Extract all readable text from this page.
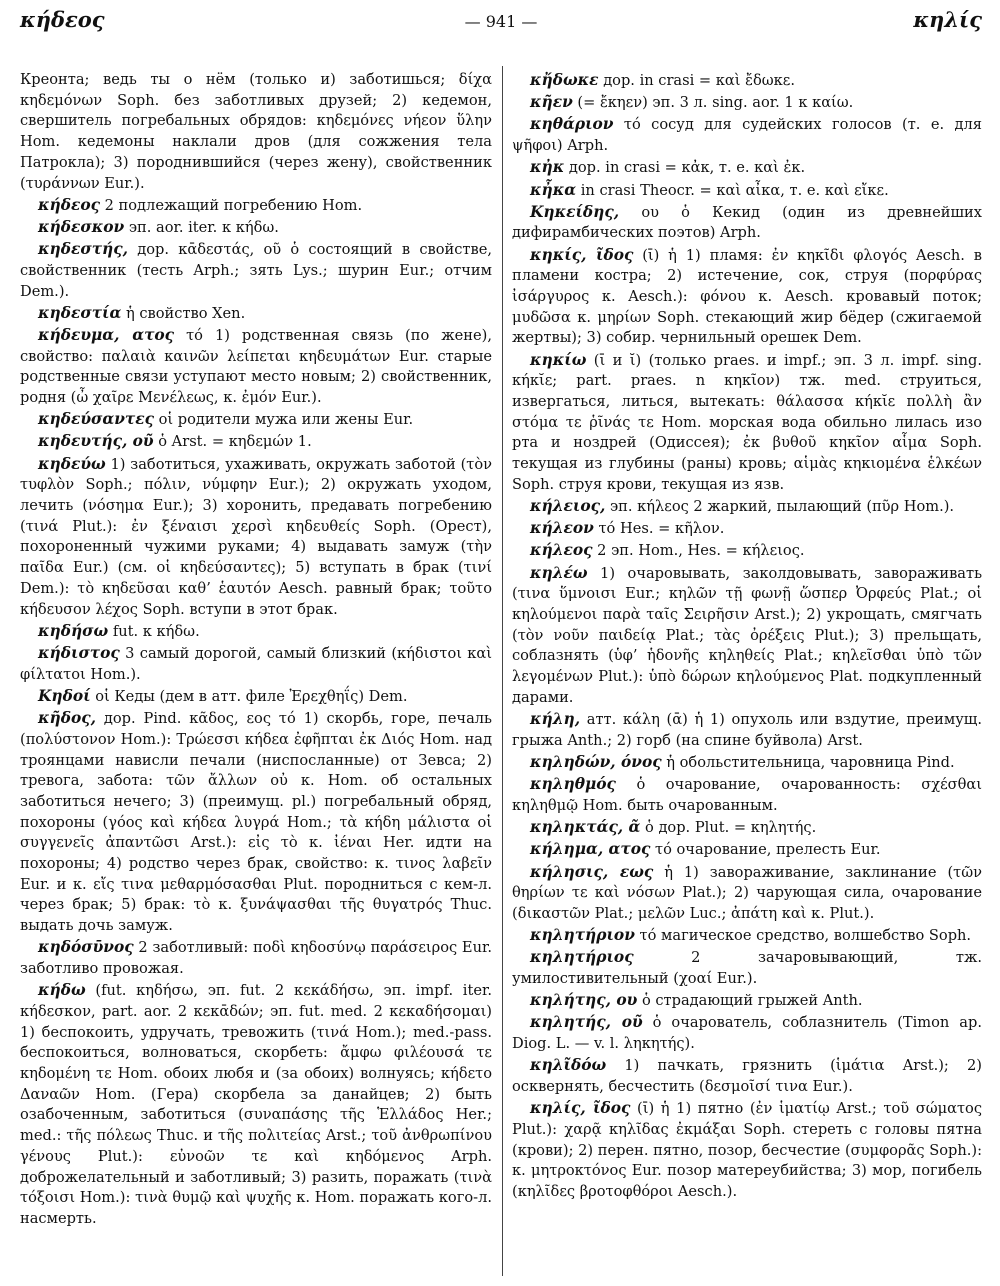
κήδεος	— 941 —	κηλίς

Креонта; ведь ты о нём (только и) заботишься; δίχα κηδεμόνων Soph. без заботливых друзей; 2) кедемон, свершитель погребальных обрядов: κηδεμόνες νήεον ὕλην Hom. кедемоны наклали дров (для сожжения тела Патрокла); 3) породнившийся (через жену), свойственник (τυράννων Eur.).

κήδεος 2 подлежащий погребению Hom.

κήδεσκον эп. aor. iter. к κήδω.

κηδεστής, дор. κᾱδεστάς, οῦ ὁ состоящий в свойстве, свойственник (тесть Arph.; зять Lys.; шурин Eur.; отчим Dem.).

κηδεστία ἡ свойство Xen.

κήδευμα, ατος τό 1) родственная связь (по жене), свойство: παλαιὰ καινῶν λείπεται κηδευμάτων Eur. старые родственные связи уступают место новым; 2) свойственник, родня (ὦ χαῖρε Μενέλεως, κ. ἐμόν Eur.).

κηδεύσαντες οἱ родители мужа или жены Eur.

κηδευτής, οῦ ὁ Arst. = κηδεμών 1.

κηδεύω 1) заботиться, ухаживать, окружать заботой (τὸν τυφλὸν Soph.; πόλιν, νύμφην Eur.); 2) окружать уходом, лечить (νόσημα Eur.); 3) хоронить, предавать погребению (τινά Plut.): ἐν ξέναισι χερσὶ κηδευθείς Soph. (Орест), похороненный чужими руками; 4) выдавать замуж (τὴν παῖδα Eur.) (см. οἱ κηδεύσαντες); 5) вступать в брак (τινί Dem.): τὸ κηδεῦσαι καθ’ ἑαυτόν Aesch. равный брак; τοῦτο κήδευσον λέχος Soph. вступи в этот брак.

κηδήσω fut. к κήδω.

κήδιστος 3 самый дорогой, самый близкий (κήδιστοι καὶ φίλτατοι Hom.).

Κηδοί οἱ Кеды (дем в атт. филе Ἐρεχθηΐς) Dem.

κῆδος, дор. Pind. κᾶδος, εος τό 1) скорбь, горе, печаль (πολύστονον Hom.): Τρώεσσι κήδεα ἐφῆπται ἐκ Διός Hom. над троянцами нависли печали (ниспосланные) от Зевса; 2) тревога, забота: τῶν ἄλλων οὐ κ. Hom. об остальных заботиться нечего; 3) (преимущ. pl.) погребальный обряд, похороны (γόος καὶ κήδεα λυγρά Hom.; τὰ κήδη μάλιστα οἱ συγγενεῖς ἀπαντῶσι Arst.): εἰς τὸ κ. ἰέναι Her. идти на похороны; 4) родство через брак, свойство: κ. τινος λαβεῖν Eur. и κ. εἴς τινα μεθαρμόσασθαι Plut. породниться с кем-л. через брак; 5) брак: τὸ κ. ξυνάψασθαι τῆς θυγατρός Thuc. выдать дочь замуж.

κηδόσῡνος 2 заботливый: ποδὶ κηδοσύνῳ παράσειρος Eur. заботливо провожая.

κήδω (fut. κηδήσω, эп. fut. 2 κεκάδήσω, эп. impf. iter. κήδεσκον, part. aor. 2 κεκᾱδών; эп. fut. med. 2 κεκαδήσομαι) 1) беспокоить, удручать, тревожить (τινά Hom.); med.-pass. беспокоиться, волноваться, скорбеть: ἄμφω φιλέουσά τε κηδομένη τε Hom. обоих любя и (за обоих) волнуясь; κήδετο Δαναῶν Hom. (Гера) скорбела за данайцев; 2) быть озабоченным, заботиться (συναπάσης τῆς Ἑλλάδος Her.; med.: τῆς πόλεως Thuc. и τῆς πολιτείας Arst.; τοῦ ἀνθρωπίνου γένους Plut.): εὐνοῶν τε καὶ κηδόμενος Arph. доброжелательный и заботливый; 3) разить, поражать (τινὰ τόξοισι Hom.): τινὰ θυμῷ καὶ ψυχῆς κ. Hom. поражать кого-л. насмерть.

κἤδωκε дор. in crasi = καὶ ἔδωκε.

κῆεν (= ἔκηεν) эп. 3 л. sing. aor. 1 к καίω.

κηθάριον τό сосуд для судейских голосов (т. е. для ψῆφοι) Arph.

κἠκ дор. in crasi = κἀκ, т. е. καὶ ἐκ.

κἦκα in crasi Theocr. = καὶ αἶκα, т. е. καὶ εἴκε.

Κηκείδης, ου ὁ Кекид (один из древнейших дифирамбических поэтов) Arph.

κηκίς, ῖδος (ῑ) ἡ 1) пламя: ἐν κηκῖδι φλογός Aesch. в пламени костра; 2) истечение, сок, струя (πορφύρας ἰσάργυρος κ. Aesch.): φόνου κ. Aesch. кровавый поток; μυδῶσα κ. μηρίων Soph. стекающий жир бёдер (сжигаемой жертвы); 3) собир. чернильный орешек Dem.

κηκίω (ῑ и ῐ) (только praes. и impf.; эп. 3 л. impf. sing. κήκῐε; part. praes. n κηκῖον) тж. med. струиться, извергаться, литься, вытекать: θάλασσα κήκῐε πολλὴ ἂν στόμα τε ῥῖνάς τε Hom. морская вода обильно лилась изо рта и ноздрей (Одиссея); ἐκ βυθοῦ κηκῖον αἷμα Soph. текущая из глубины (раны) кровь; αἱμὰς κηκιομένα ἑλκέων Soph. струя крови, текущая из язв.

κήλειος, эп. κήλεος 2 жаркий, пылающий (πῦρ Hom.).

κήλεον τό Hes. = κῆλον.

κήλεος 2 эп. Hom., Hes. = κήλειος.

κηλέω 1) очаровывать, заколдовывать, завораживать (τινα ὕμνοισι Eur.; κηλῶν τῇ φωνῇ ὥσπερ Ὀρφεύς Plat.; οἱ κηλούμενοι παρὰ ταῖς Σειρῆσιν Arst.); 2) укрощать, смягчать (τὸν νοῦν παιδείᾳ Plat.; τὰς ὀρέξεις Plut.); 3) прельщать, соблазнять (ὑφ’ ἡδονῆς κηληθείς Plat.; κηλεῖσθαι ὑπὸ τῶν λεγομένων Plut.): ὑπὸ δώρων κηλούμενος Plat. подкупленный дарами.

κήλη, атт. κάλη (ᾱ) ἡ 1) опухоль или вздутие, преимущ. грыжа Anth.; 2) горб (на спине буйвола) Arst.

κηληδών, όνος ἡ обольстительница, чаровница Pind.

κηληθμός ὁ очарование, очарованность: σχέσθαι κηληθμῷ Hom. быть очарованным.

κηληκτάς, ᾶ ὁ дор. Plut. = κηλητής.

κήλημα, ατος τό очарование, прелесть Eur.

κήλησις, εως ἡ 1) завораживание, заклинание (τῶν θηρίων τε καὶ νόσων Plat.); 2) чарующая сила, очарование (δικαστῶν Plat.; μελῶν Luc.; ἀπάτη καὶ κ. Plut.).

κηλητήριον τό магическое средство, волшебство Soph.

κηλητήριος	2 зачаровывающий, тж. умилостивительный (χοαί Eur.).

κηλήτης, ου ὁ страдающий грыжей Anth.

κηλητής, οῦ ὁ очарователь, соблазнитель (Timon ap. Diog. L. — v. l. ληκητής).

κηλῖδόω 1) пачкать, грязнить (ἱμάτια Arst.); 2) осквернять, бесчестить (δεσμοῖσί τινα Eur.).

κηλίς, ῖδος (ῑ) ἡ 1) пятно (ἐν ἱματίῳ Arst.; τοῦ σώματος Plut.): χαρᾷ κηλῖδας ἐκμάξαι Soph. стереть с головы пятна (крови); 2) перен. пятно, позор, бесчестие (συμφορᾶς Soph.): κ. μητροκτόνος Eur. позор матереубийства; 3) мор, погибель (κηλῖδες βροτοφθόροι Aesch.).
